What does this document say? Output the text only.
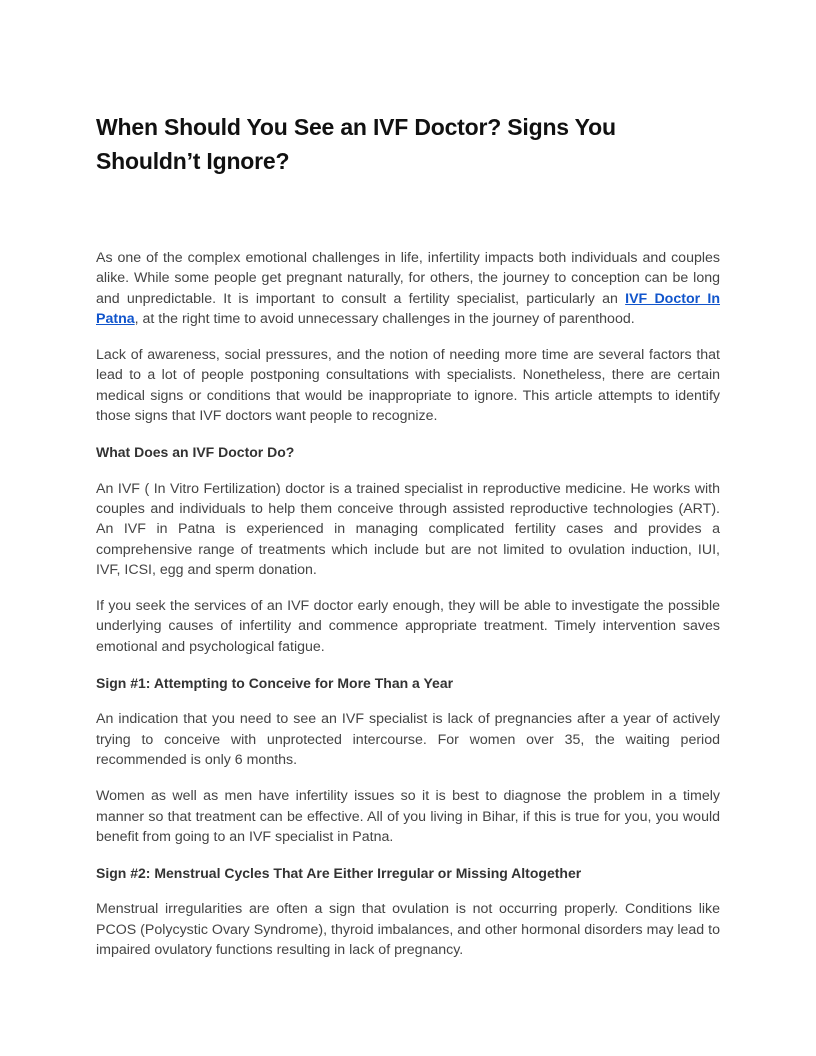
When Should You See an IVF Doctor? Signs You Shouldn’t Ignore?

As one of the complex emotional challenges in life, infertility impacts both individuals and couples alike. While some people get pregnant naturally, for others, the journey to conception can be long and unpredictable. It is important to consult a fertility specialist, particularly an IVF Doctor In Patna, at the right time to avoid unnecessary challenges in the journey of parenthood.

Lack of awareness, social pressures, and the notion of needing more time are several factors that lead to a lot of people postponing consultations with specialists. Nonetheless, there are certain medical signs or conditions that would be inappropriate to ignore. This article attempts to identify those signs that IVF doctors want people to recognize.

What Does an IVF Doctor Do?

An IVF ( In Vitro Fertilization) doctor is a trained specialist in reproductive medicine. He works with couples and individuals to help them conceive through assisted reproductive technologies (ART). An IVF in Patna is experienced in managing complicated fertility cases and provides a comprehensive range of treatments which include but are not limited to ovulation induction, IUI, IVF, ICSI, egg and sperm donation.

If you seek the services of an IVF doctor early enough, they will be able to investigate the possible underlying causes of infertility and commence appropriate treatment. Timely intervention saves emotional and psychological fatigue.

Sign #1: Attempting to Conceive for More Than a Year

An indication that you need to see an IVF specialist is lack of pregnancies after a year of actively trying to conceive with unprotected intercourse. For women over 35, the waiting period recommended is only 6 months.

Women as well as men have infertility issues so it is best to diagnose the problem in a timely manner so that treatment can be effective. All of you living in Bihar, if this is true for you, you would benefit from going to an IVF specialist in Patna.

Sign #2: Menstrual Cycles That Are Either Irregular or Missing Altogether

Menstrual irregularities are often a sign that ovulation is not occurring properly. Conditions like PCOS (Polycystic Ovary Syndrome), thyroid imbalances, and other hormonal disorders may lead to impaired ovulatory functions resulting in lack of pregnancy.
